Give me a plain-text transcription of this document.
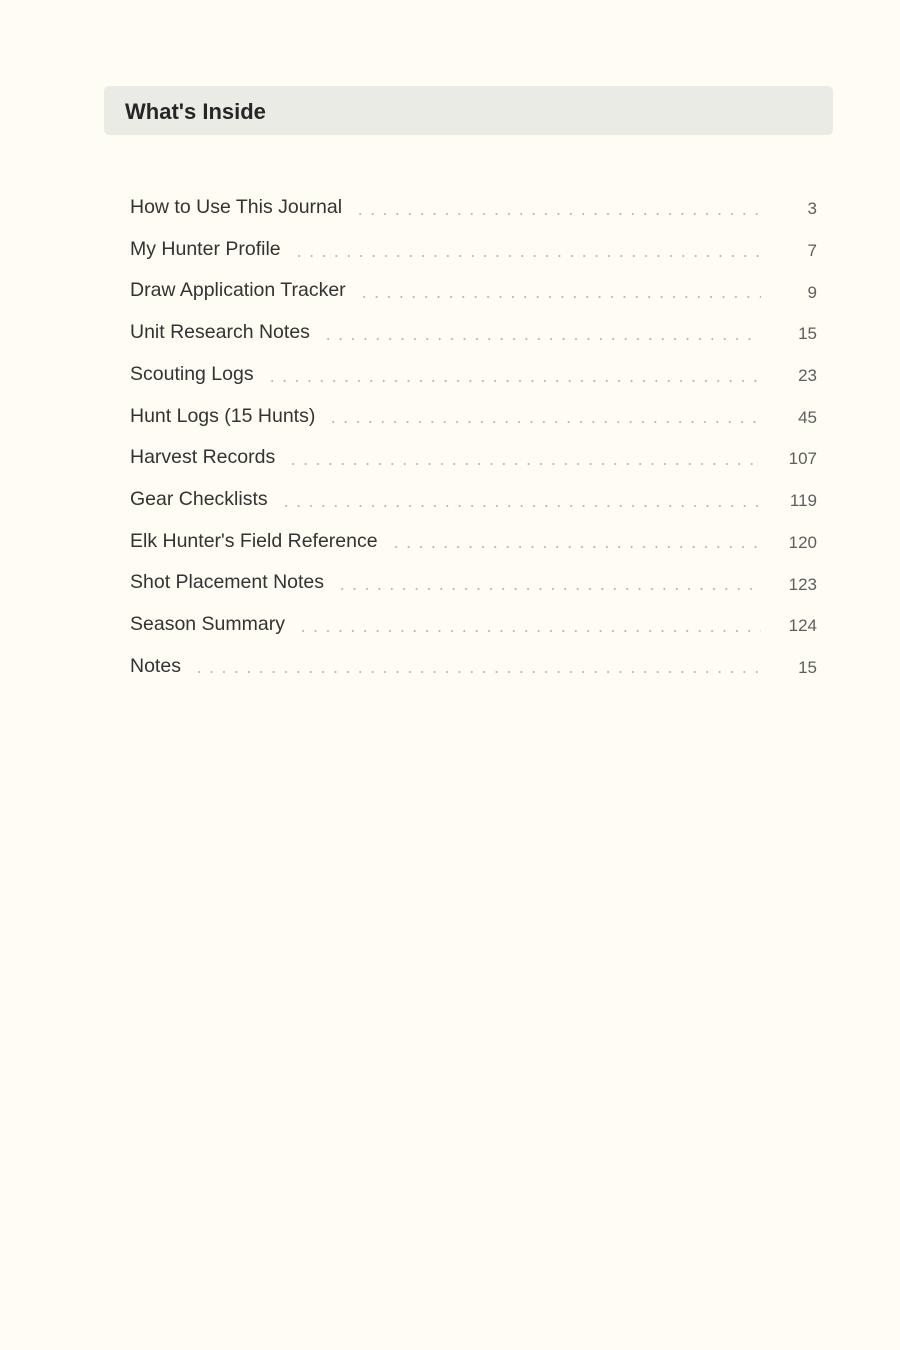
What's Inside
How to Use This Journal	3
My Hunter Profile	7
Draw Application Tracker	9
Unit Research Notes	15
Scouting Logs	23
Hunt Logs (15 Hunts)	45
Harvest Records	107
Gear Checklists	119
Elk Hunter's Field Reference	120
Shot Placement Notes	123
Season Summary	124
Notes	15
